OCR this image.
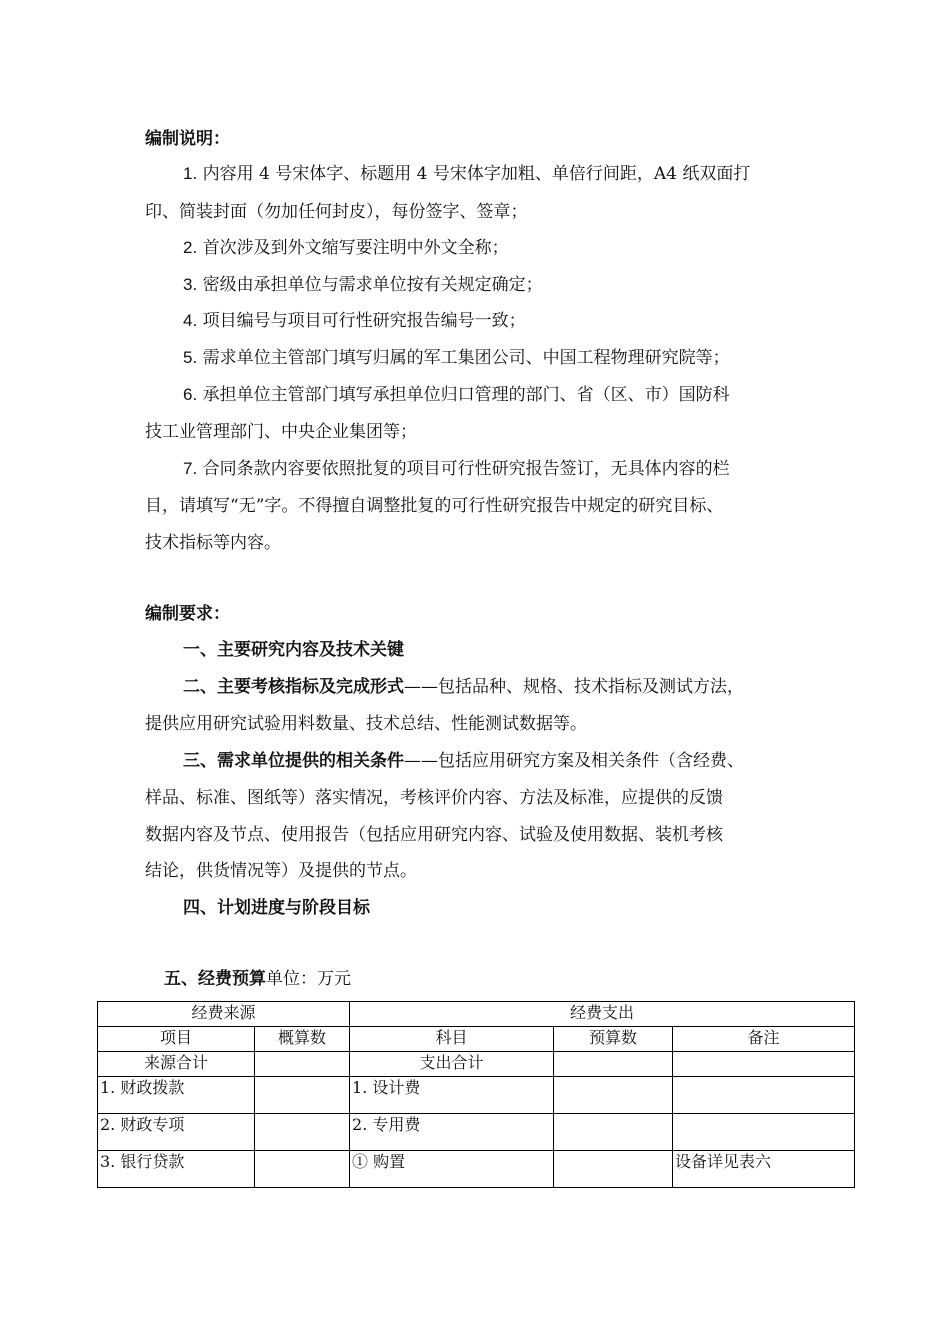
编制说明：
1. 内容用 4 号宋体字、标题用 4 号宋体字加粗、单倍行间距，A4 纸双面打
印、简装封面（勿加任何封皮），每份签字、签章；
2. 首次涉及到外文缩写要注明中外文全称；
3. 密级由承担单位与需求单位按有关规定确定；
4. 项目编号与项目可行性研究报告编号一致；
5. 需求单位主管部门填写归属的军工集团公司、中国工程物理研究院等；
6. 承担单位主管部门填写承担单位归口管理的部门、省（区、市）国防科
技工业管理部门、中央企业集团等；
7. 合同条款内容要依照批复的项目可行性研究报告签订，无具体内容的栏
目，请填写“无”字。不得擅自调整批复的可行性研究报告中规定的研究目标、
技术指标等内容。
编制要求：
一、主要研究内容及技术关键
二、主要考核指标及完成形式——包括品种、规格、技术指标及测试方法，
提供应用研究试验用料数量、技术总结、性能测试数据等。
三、需求单位提供的相关条件——包括应用研究方案及相关条件（含经费、
样品、标准、图纸等）落实情况，考核评价内容、方法及标准，应提供的反馈
数据内容及节点、使用报告（包括应用研究内容、试验及使用数据、装机考核
结论，供货情况等）及提供的节点。
四、计划进度与阶段目标
五、经费预算单位：万元
经费来源		经费支出		
项目	概算数	科目	预算数	备注
来源合计		支出合计		
1. 财政拨款		1. 设计费		
2. 财政专项		2. 专用费		
3. 银行贷款		① 购置		设备详见表六
